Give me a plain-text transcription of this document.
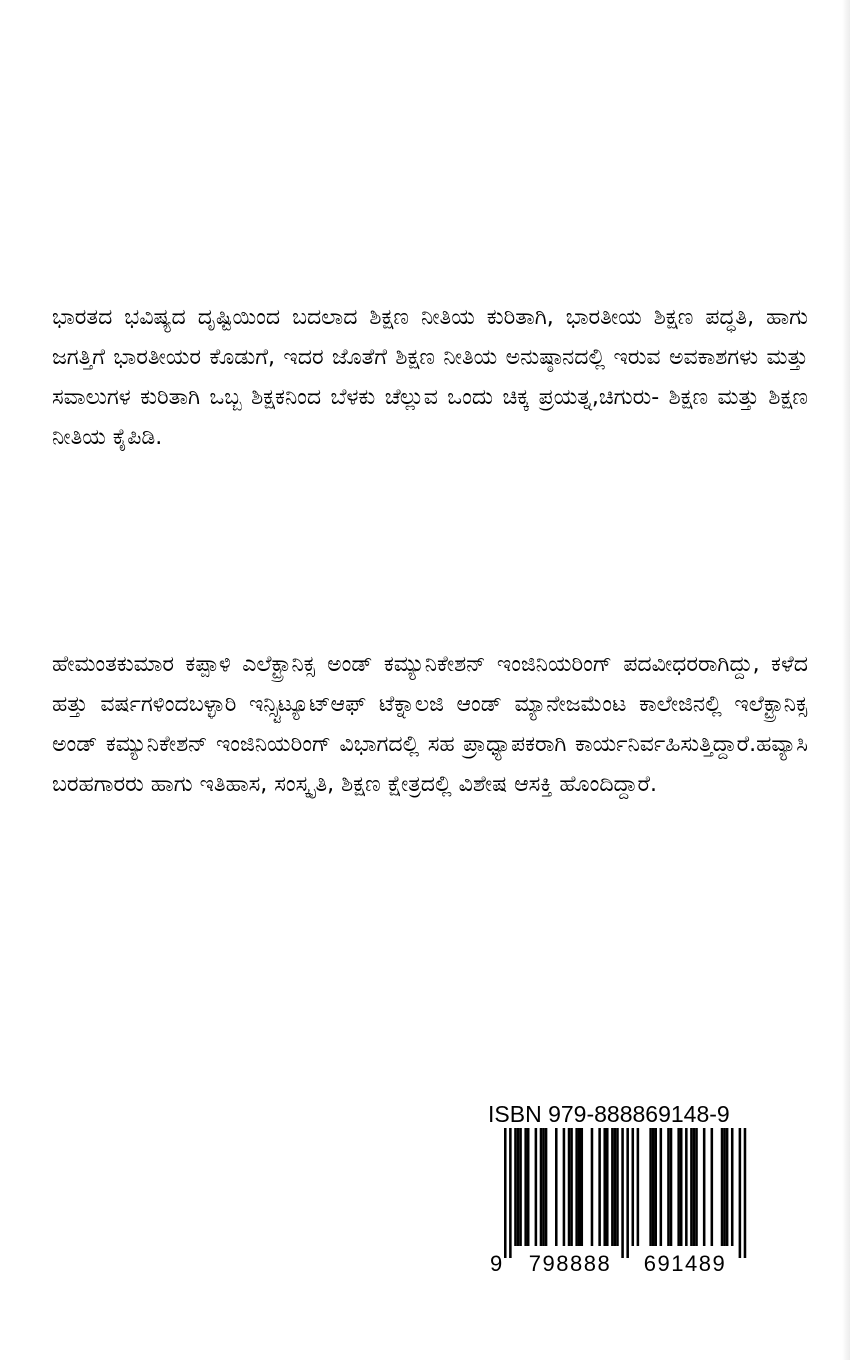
ಭಾರತದ ಭವಿಷ್ಯದ ದೃಷ್ಟಿಯಿಂದ ಬದಲಾದ ಶಿಕ್ಷಣ ನೀತಿಯ ಕುರಿತಾಗಿ, ಭಾರತೀಯ ಶಿಕ್ಷಣ ಪದ್ಧತಿ, ಹಾಗು ಜಗತ್ತಿಗೆ ಭಾರತೀಯರ ಕೊಡುಗೆ, ಇದರ ಜೊತೆಗೆ ಶಿಕ್ಷಣ ನೀತಿಯ ಅನುಷ್ಠಾನದಲ್ಲಿ ಇರುವ ಅವಕಾಶಗಳು ಮತ್ತು ಸವಾಲುಗಳ ಕುರಿತಾಗಿ ಒಬ್ಬ ಶಿಕ್ಷಕನಿಂದ ಬೆಳಕು ಚೆಲ್ಲುವ ಒಂದು ಚಿಕ್ಕ ಪ್ರಯತ್ನ,ಚಿಗುರು- ಶಿಕ್ಷಣ ಮತ್ತು ಶಿಕ್ಷಣ ನೀತಿಯ ಕೈಪಿಡಿ.

ಹೇಮಂತಕುಮಾರ ಕಪ್ಪಾಳಿ ಎಲೆಕ್ಟ್ರಾನಿಕ್ಸ ಅಂಡ್ ಕಮ್ಯುನಿಕೇಶನ್ ಇಂಜಿನಿಯರಿಂಗ್ ಪದವೀಧರರಾಗಿದ್ದು, ಕಳೆದ ಹತ್ತು ವರ್ಷಗಳಿಂದಬಳ್ಳಾರಿ ಇನ್ಸ್ಟಿಟ್ಯೂಟ್ಆಫ್ ಟೆಕ್ನಾಲಜಿ ಆಂಡ್ ಮ್ಯಾನೇಜಮೆಂಟ ಕಾಲೇಜಿನಲ್ಲಿ ಇಲೆಕ್ಟ್ರಾನಿಕ್ಸ ಅಂಡ್ ಕಮ್ಯುನಿಕೇಶನ್ ಇಂಜಿನಿಯರಿಂಗ್ ವಿಭಾಗದಲ್ಲಿ ಸಹ ಪ್ರಾಧ್ಯಾಪಕರಾಗಿ ಕಾರ್ಯನಿರ್ವಹಿಸುತ್ತಿದ್ದಾರೆ.ಹವ್ಯಾಸಿ ಬರಹಗಾರರು ಹಾಗು ಇತಿಹಾಸ, ಸಂಸ್ಕೃತಿ, ಶಿಕ್ಷಣ ಕ್ಷೇತ್ರದಲ್ಲಿ ವಿಶೇಷ ಆಸಕ್ತಿ ಹೊಂದಿದ್ದಾರೆ.

ISBN 979-888869148-9
9 798888 691489
